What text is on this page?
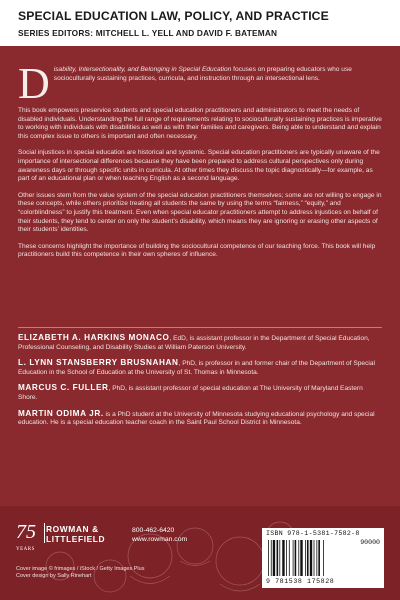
SPECIAL EDUCATION LAW, POLICY, AND PRACTICE
SERIES EDITORS: MITCHELL L. YELL AND DAVID F. BATEMAN
Disability, Intersectionality, and Belonging in Special Education focuses on preparing educators who use socioculturally sustaining practices, curricula, and instruction through an intersectional lens.
This book empowers preservice students and special education practitioners and administrators to meet the needs of disabled individuals. Understanding the full range of requirements relating to socioculturally sustaining practices is imperative to working with individuals with disabilities as well as with their families and caregivers. Being able to understand and explain this complex issue to others is important and often necessary.
Social injustices in special education are historical and systemic. Special education practitioners are typically unaware of the importance of intersectional differences because they have been prepared to address cultural perspectives only during awareness days or through specific units in curricula. At other times they discuss the topic diagnostically—for example, as part of an educational plan or when teaching English as a second language.
Other issues stem from the value system of the special education practitioners themselves; some are not willing to engage in these concepts, while others prioritize treating all students the same by using the terms “fairness,” “equity,” and “colorblindness” to justify this treatment. Even when special educator practitioners attempt to address injustices on behalf of their students, they tend to center on only the student’s disability, which means they are ignoring or erasing other aspects of their students’ identities.
These concerns highlight the importance of building the sociocultural competence of our teaching force. This book will help practitioners build this competence in their own spheres of influence.
ELIZABETH A. HARKINS MONACO, EdD, is assistant professor in the Department of Special Education, Professional Counseling, and Disability Studies at William Paterson University.
L. LYNN STANSBERRY BRUSNAHAN, PhD, is professor in and former chair of the Department of Special Education in the School of Education at the University of St. Thomas in Minnesota.
MARCUS C. FULLER, PhD, is assistant professor of special education at The University of Maryland Eastern Shore.
MARTIN ODIMA JR. is a PhD student at the University of Minnesota studying educational psychology and special education. He is a special education teacher coach in the Saint Paul School District in Minnesota.
75
YEARS
ROWMAN &
LITTLEFIELD
800-462-6420
www.rowman.com
Cover image © frimages / iStock / Getty Images Plus
Cover design by Sally Rinehart
ISBN 978-1-5381-7582-8
90000
9 781538 175828
